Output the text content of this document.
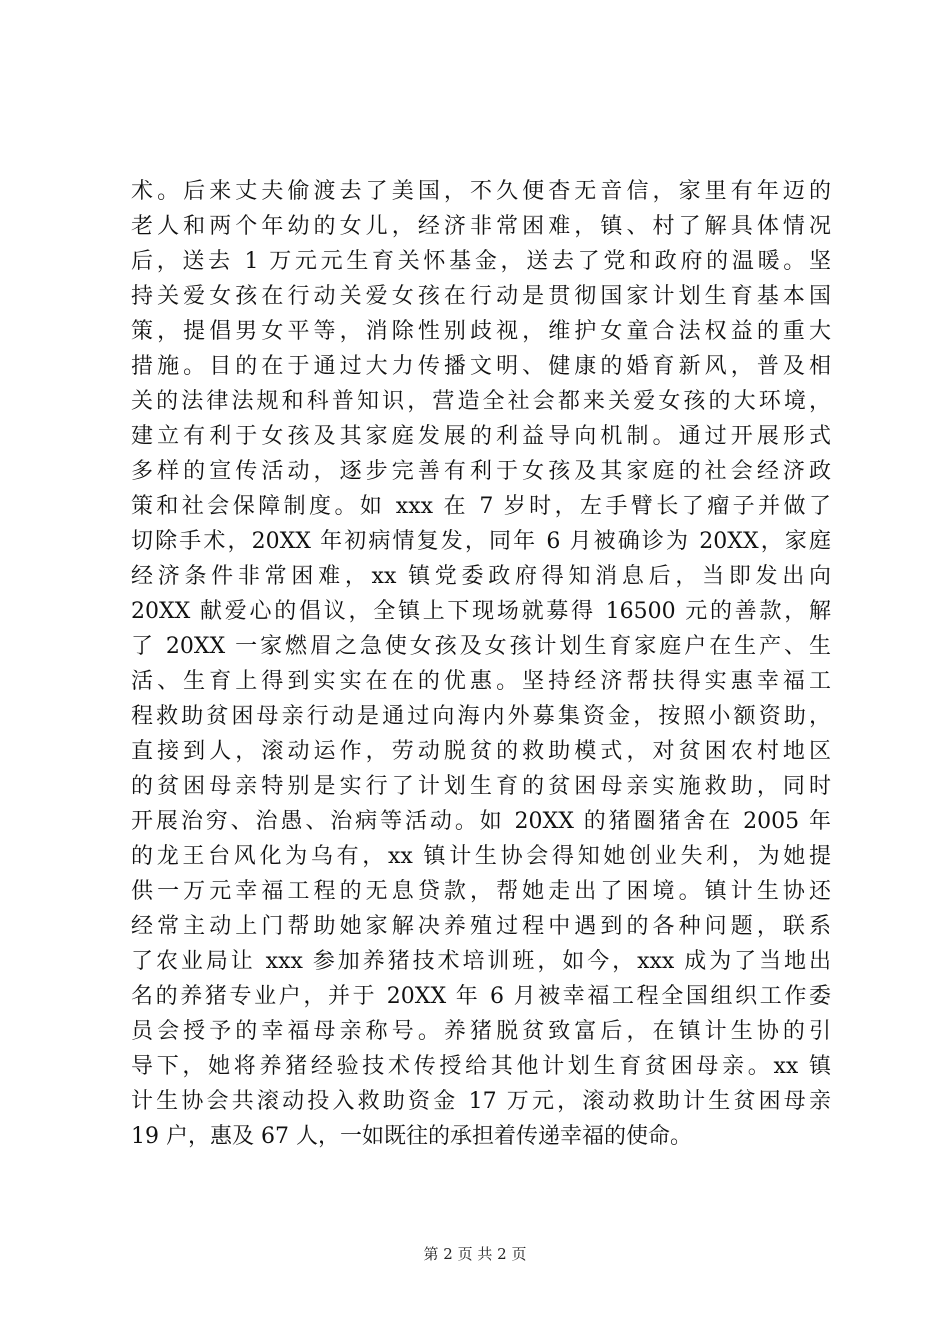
术。后来丈夫偷渡去了美国，不久便杳无音信，家里有年迈的
老人和两个年幼的女儿，经济非常困难，镇、村了解具体情况
后，送去 1 万元元生育关怀基金，送去了党和政府的温暖。坚
持关爱女孩在行动关爱女孩在行动是贯彻国家计划生育基本国
策，提倡男女平等，消除性别歧视，维护女童合法权益的重大
措施。目的在于通过大力传播文明、健康的婚育新风，普及相
关的法律法规和科普知识，营造全社会都来关爱女孩的大环境，
建立有利于女孩及其家庭发展的利益导向机制。通过开展形式
多样的宣传活动，逐步完善有利于女孩及其家庭的社会经济政
策和社会保障制度。如 xxx 在 7 岁时，左手臂长了瘤子并做了
切除手术，20XX 年初病情复发，同年 6 月被确诊为 20XX，家庭
经济条件非常困难，xx 镇党委政府得知消息后，当即发出向
20XX 献爱心的倡议，全镇上下现场就募得 16500 元的善款，解
了 20XX 一家燃眉之急使女孩及女孩计划生育家庭户在生产、生
活、生育上得到实实在在的优惠。坚持经济帮扶得实惠幸福工
程救助贫困母亲行动是通过向海内外募集资金，按照小额资助，
直接到人，滚动运作，劳动脱贫的救助模式，对贫困农村地区
的贫困母亲特别是实行了计划生育的贫困母亲实施救助，同时
开展治穷、治愚、治病等活动。如 20XX 的猪圈猪舍在 2005 年
的龙王台风化为乌有，xx 镇计生协会得知她创业失利，为她提
供一万元幸福工程的无息贷款，帮她走出了困境。镇计生协还
经常主动上门帮助她家解决养殖过程中遇到的各种问题，联系
了农业局让 xxx 参加养猪技术培训班，如今，xxx 成为了当地出
名的养猪专业户，并于 20XX 年 6 月被幸福工程全国组织工作委
员会授予的幸福母亲称号。养猪脱贫致富后，在镇计生协的引
导下，她将养猪经验技术传授给其他计划生育贫困母亲。xx 镇
计生协会共滚动投入救助资金 17 万元，滚动救助计生贫困母亲
19 户，惠及 67 人，一如既往的承担着传递幸福的使命。
第 2 页 共 2 页
